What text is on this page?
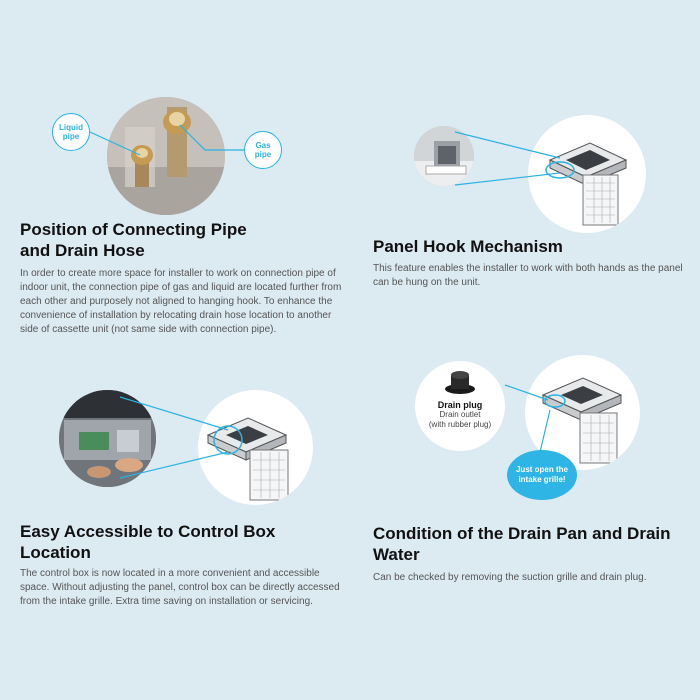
Liquid pipe
Gas pipe
Position of Connecting Pipe
and Drain Hose
In order to create more space for installer to work on connection pipe of indoor unit, the connection pipe of gas and liquid are located further from each other and purposely not aligned to hanging hook. To enhance the convenience of installation by relocating drain hose location to another side of cassette unit (not same side with connection pipe).
Panel Hook Mechanism
This feature enables the installer to work with both hands as the panel can be hung on the unit.
Easy Accessible to Control Box
Location
The control box is now located in a more convenient and accessible space. Without adjusting the panel, control box can be directly accessed from the intake grille. Extra time saving on installation or servicing.
Drain plug
Drain outlet
(with rubber plug)
Just open the intake grille!
Condition of the Drain Pan and Drain
Water
Can be checked by removing the suction grille and drain plug.
